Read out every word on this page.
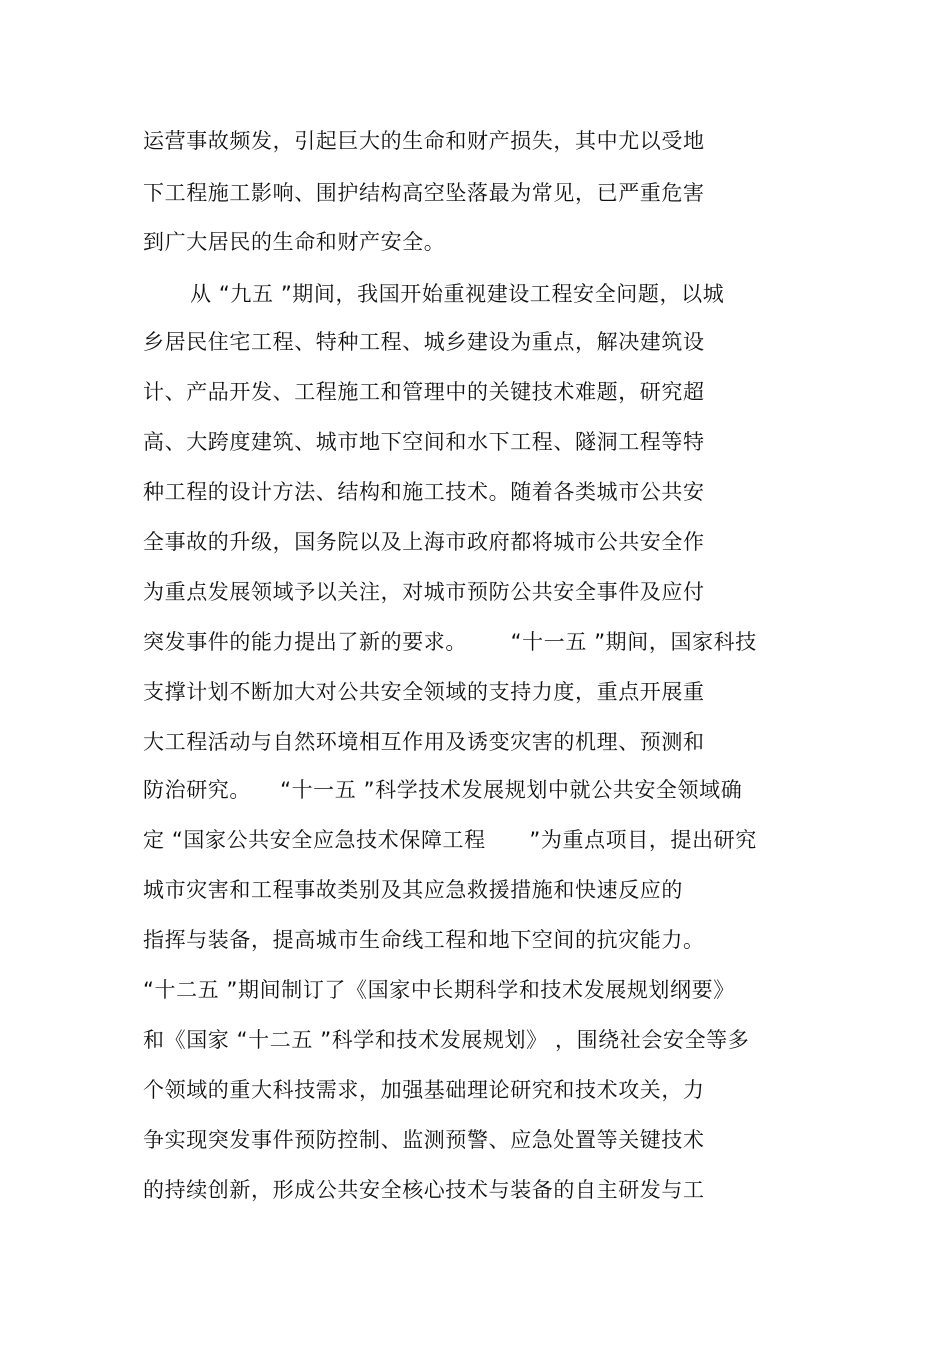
运营事故频发，引起巨大的生命和财产损失，其中尤以受地
下工程施工影响、围护结构高空坠落最为常见，已严重危害
到广大居民的生命和财产安全。
从 “九五 ”期间，我国开始重视建设工程安全问题，以城
乡居民住宅工程、特种工程、城乡建设为重点，解决建筑设
计、产品开发、工程施工和管理中的关键技术难题，研究超
高、大跨度建筑、城市地下空间和水下工程、隧洞工程等特
种工程的设计方法、结构和施工技术。随着各类城市公共安
全事故的升级，国务院以及上海市政府都将城市公共安全作
为重点发展领域予以关注，对城市预防公共安全事件及应付
突发事件的能力提出了新的要求。      “十一五 ”期间，国家科技
支撑计划不断加大对公共安全领域的支持力度，重点开展重
大工程活动与自然环境相互作用及诱变灾害的机理、预测和
防治研究。    “十一五 ”科学技术发展规划中就公共安全领域确
定 “国家公共安全应急技术保障工程      ”为重点项目，提出研究
城市灾害和工程事故类别及其应急救援措施和快速反应的
指挥与装备，提高城市生命线工程和地下空间的抗灾能力。
“十二五 ”期间制订了《国家中长期科学和技术发展规划纲要》
和《国家 “十二五 ”科学和技术发展规划》 ，围绕社会安全等多
个领域的重大科技需求，加强基础理论研究和技术攻关，力
争实现突发事件预防控制、监测预警、应急处置等关键技术
的持续创新，形成公共安全核心技术与装备的自主研发与工
